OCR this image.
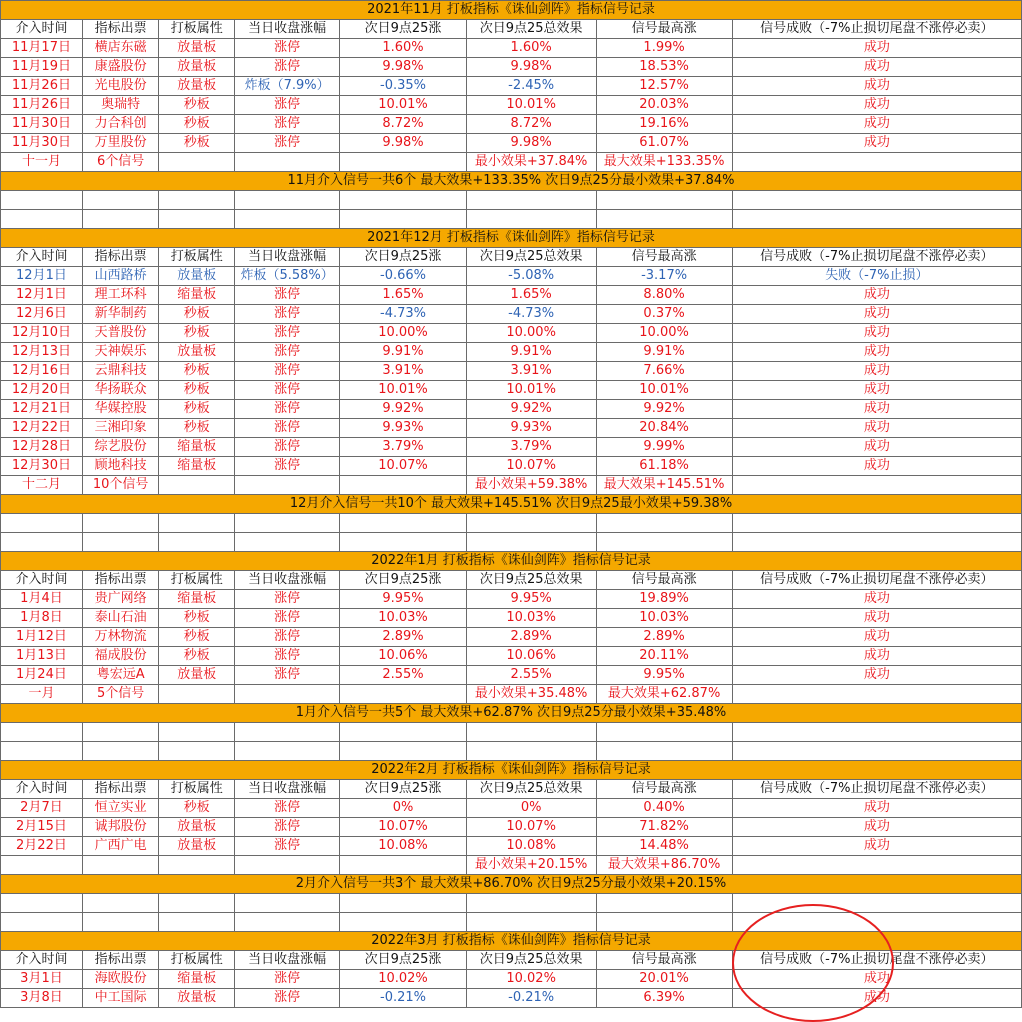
2021年11月 打板指标《诛仙剑阵》指标信号记录							
介入时间	指标出票	打板属性	当日收盘涨幅	次日9点25涨	次日9点25总效果	信号最高涨	信号成败（-7%止损切尾盘不涨停必卖）
11月17日	横店东磁	放量板	涨停	1.60%	1.60%	1.99%	成功
11月19日	康盛股份	放量板	涨停	9.98%	9.98%	18.53%	成功
11月26日	光电股份	放量板	炸板（7.9%）	-0.35%	-2.45%	12.57%	成功
11月26日	奥瑞特	秒板	涨停	10.01%	10.01%	20.03%	成功
11月30日	力合科创	秒板	涨停	8.72%	8.72%	19.16%	成功
11月30日	万里股份	秒板	涨停	9.98%	9.98%	61.07%	成功
十一月	6个信号				最小效果+37.84%	最大效果+133.35%	
11月介入信号一共6个 最大效果+133.35% 次日9点25分最小效果+37.84%							

2021年12月 打板指标《诛仙剑阵》指标信号记录							
介入时间	指标出票	打板属性	当日收盘涨幅	次日9点25涨	次日9点25总效果	信号最高涨	信号成败（-7%止损切尾盘不涨停必卖）
12月1日	山西路桥	放量板	炸板（5.58%）	-0.66%	-5.08%	-3.17%	失败（-7%止损）
12月1日	理工环科	缩量板	涨停	1.65%	1.65%	8.80%	成功
12月6日	新华制药	秒板	涨停	-4.73%	-4.73%	0.37%	成功
12月10日	天普股份	秒板	涨停	10.00%	10.00%	10.00%	成功
12月13日	天神娱乐	放量板	涨停	9.91%	9.91%	9.91%	成功
12月16日	云鼎科技	秒板	涨停	3.91%	3.91%	7.66%	成功
12月20日	华扬联众	秒板	涨停	10.01%	10.01%	10.01%	成功
12月21日	华媒控股	秒板	涨停	9.92%	9.92%	9.92%	成功
12月22日	三湘印象	秒板	涨停	9.93%	9.93%	20.84%	成功
12月28日	综艺股份	缩量板	涨停	3.79%	3.79%	9.99%	成功
12月30日	顾地科技	缩量板	涨停	10.07%	10.07%	61.18%	成功
十二月	10个信号				最小效果+59.38%	最大效果+145.51%	
12月介入信号一共10个 最大效果+145.51% 次日9点25最小效果+59.38%							

2022年1月 打板指标《诛仙剑阵》指标信号记录							
介入时间	指标出票	打板属性	当日收盘涨幅	次日9点25涨	次日9点25总效果	信号最高涨	信号成败（-7%止损切尾盘不涨停必卖）
1月4日	贵广网络	缩量板	涨停	9.95%	9.95%	19.89%	成功
1月8日	泰山石油	秒板	涨停	10.03%	10.03%	10.03%	成功
1月12日	万林物流	秒板	涨停	2.89%	2.89%	2.89%	成功
1月13日	福成股份	秒板	涨停	10.06%	10.06%	20.11%	成功
1月24日	粤宏远A	放量板	涨停	2.55%	2.55%	9.95%	成功
一月	5个信号				最小效果+35.48%	最大效果+62.87%	
1月介入信号一共5个 最大效果+62.87% 次日9点25分最小效果+35.48%							

2022年2月 打板指标《诛仙剑阵》指标信号记录							
介入时间	指标出票	打板属性	当日收盘涨幅	次日9点25涨	次日9点25总效果	信号最高涨	信号成败（-7%止损切尾盘不涨停必卖）
2月7日	恒立实业	秒板	涨停	0%	0%	0.40%	成功
2月15日	诚邦股份	放量板	涨停	10.07%	10.07%	71.82%	成功
2月22日	广西广电	放量板	涨停	10.08%	10.08%	14.48%	成功
					最小效果+20.15%	最大效果+86.70%	
2月介入信号一共3个 最大效果+86.70% 次日9点25分最小效果+20.15%							

2022年3月 打板指标《诛仙剑阵》指标信号记录							
介入时间	指标出票	打板属性	当日收盘涨幅	次日9点25涨	次日9点25总效果	信号最高涨	信号成败（-7%止损切尾盘不涨停必卖）
3月1日	海欧股份	缩量板	涨停	10.02%	10.02%	20.01%	成功
3月8日	中工国际	放量板	涨停	-0.21%	-0.21%	6.39%	成功
